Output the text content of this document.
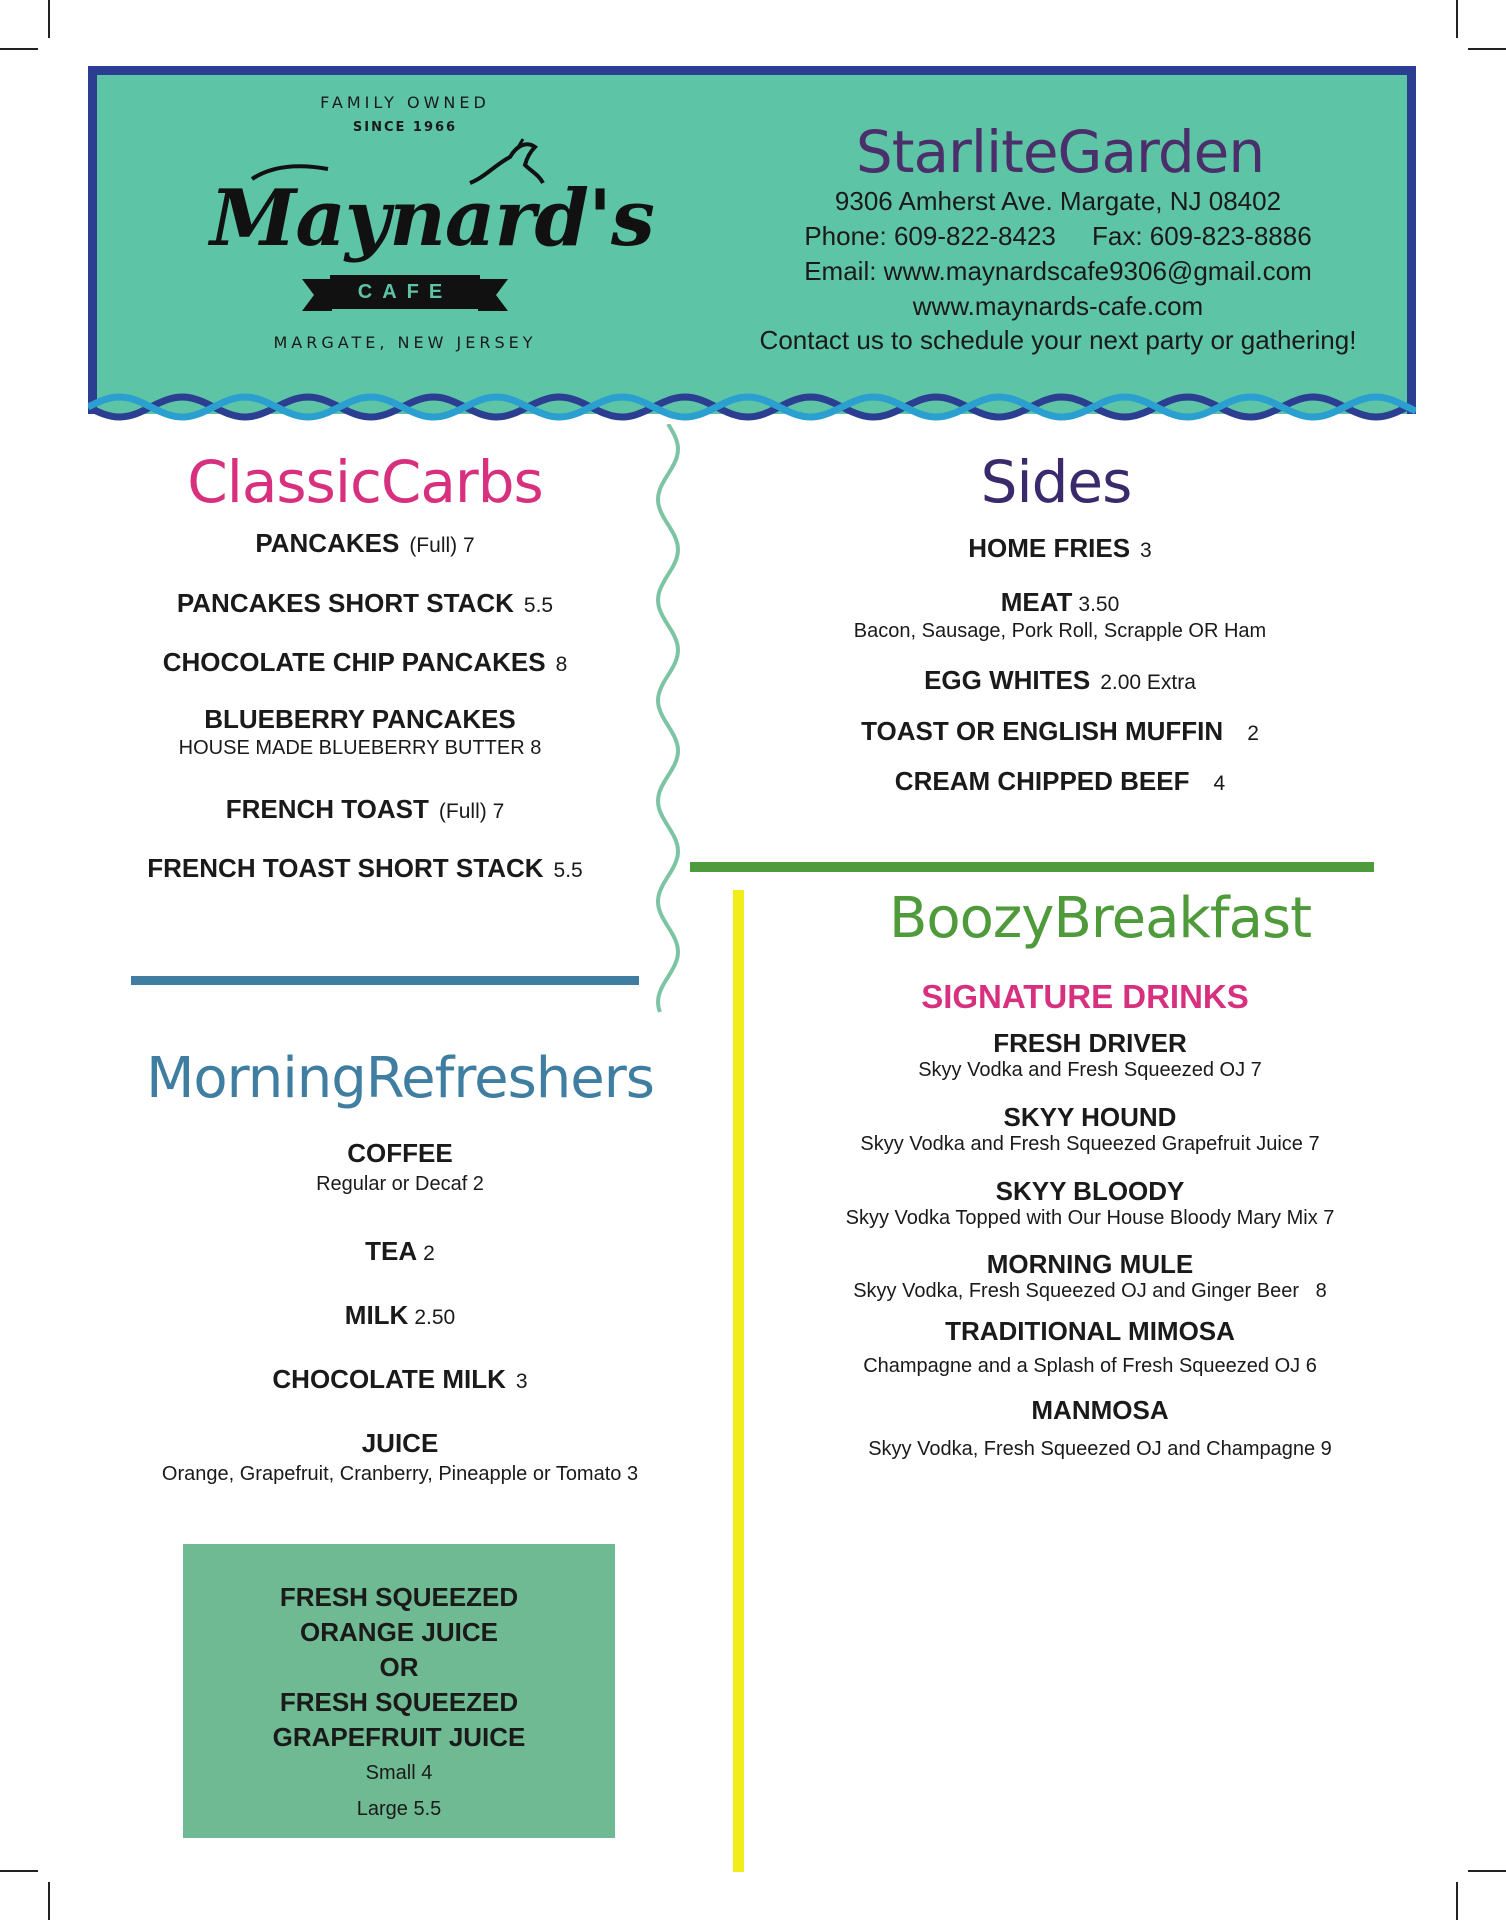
FAMILY OWNED
SINCE 1966
Maynard's
CAFE
MARGATE, NEW JERSEY
StarliteGarden
9306 Amherst Ave. Margate, NJ 08402
Phone: 609-822-8423     Fax: 609-823-8886
Email: www.maynardscafe9306@gmail.com
www.maynards-cafe.com
Contact us to schedule your next party or gathering!
ClassicCarbs
PANCAKES (Full) 7
PANCAKES SHORT STACK 5.5
CHOCOLATE CHIP PANCAKES 8
BLUEBERRY PANCAKES
HOUSE MADE BLUEBERRY BUTTER 8
FRENCH TOAST (Full) 7
FRENCH TOAST SHORT STACK 5.5
MorningRefreshers
COFFEE
Regular or Decaf 2
TEA 2
MILK 2.50
CHOCOLATE MILK 3
JUICE
Orange, Grapefruit, Cranberry, Pineapple or Tomato 3
FRESH SQUEEZED
ORANGE JUICE
OR
FRESH SQUEEZED
GRAPEFRUIT JUICE
Small 4
Large 5.5
Sides
HOME FRIES 3
MEAT 3.50
Bacon, Sausage, Pork Roll, Scrapple OR Ham
EGG WHITES 2.00 Extra
TOAST OR ENGLISH MUFFIN 2
CREAM CHIPPED BEEF 4
BoozyBreakfast
SIGNATURE DRINKS
FRESH DRIVER
Skyy Vodka and Fresh Squeezed OJ 7
SKYY HOUND
Skyy Vodka and Fresh Squeezed Grapefruit Juice 7
SKYY BLOODY
Skyy Vodka Topped with Our House Bloody Mary Mix 7
MORNING MULE
Skyy Vodka, Fresh Squeezed OJ and Ginger Beer   8
TRADITIONAL MIMOSA
Champagne and a Splash of Fresh Squeezed OJ 6
MANMOSA
Skyy Vodka, Fresh Squeezed OJ and Champagne 9
